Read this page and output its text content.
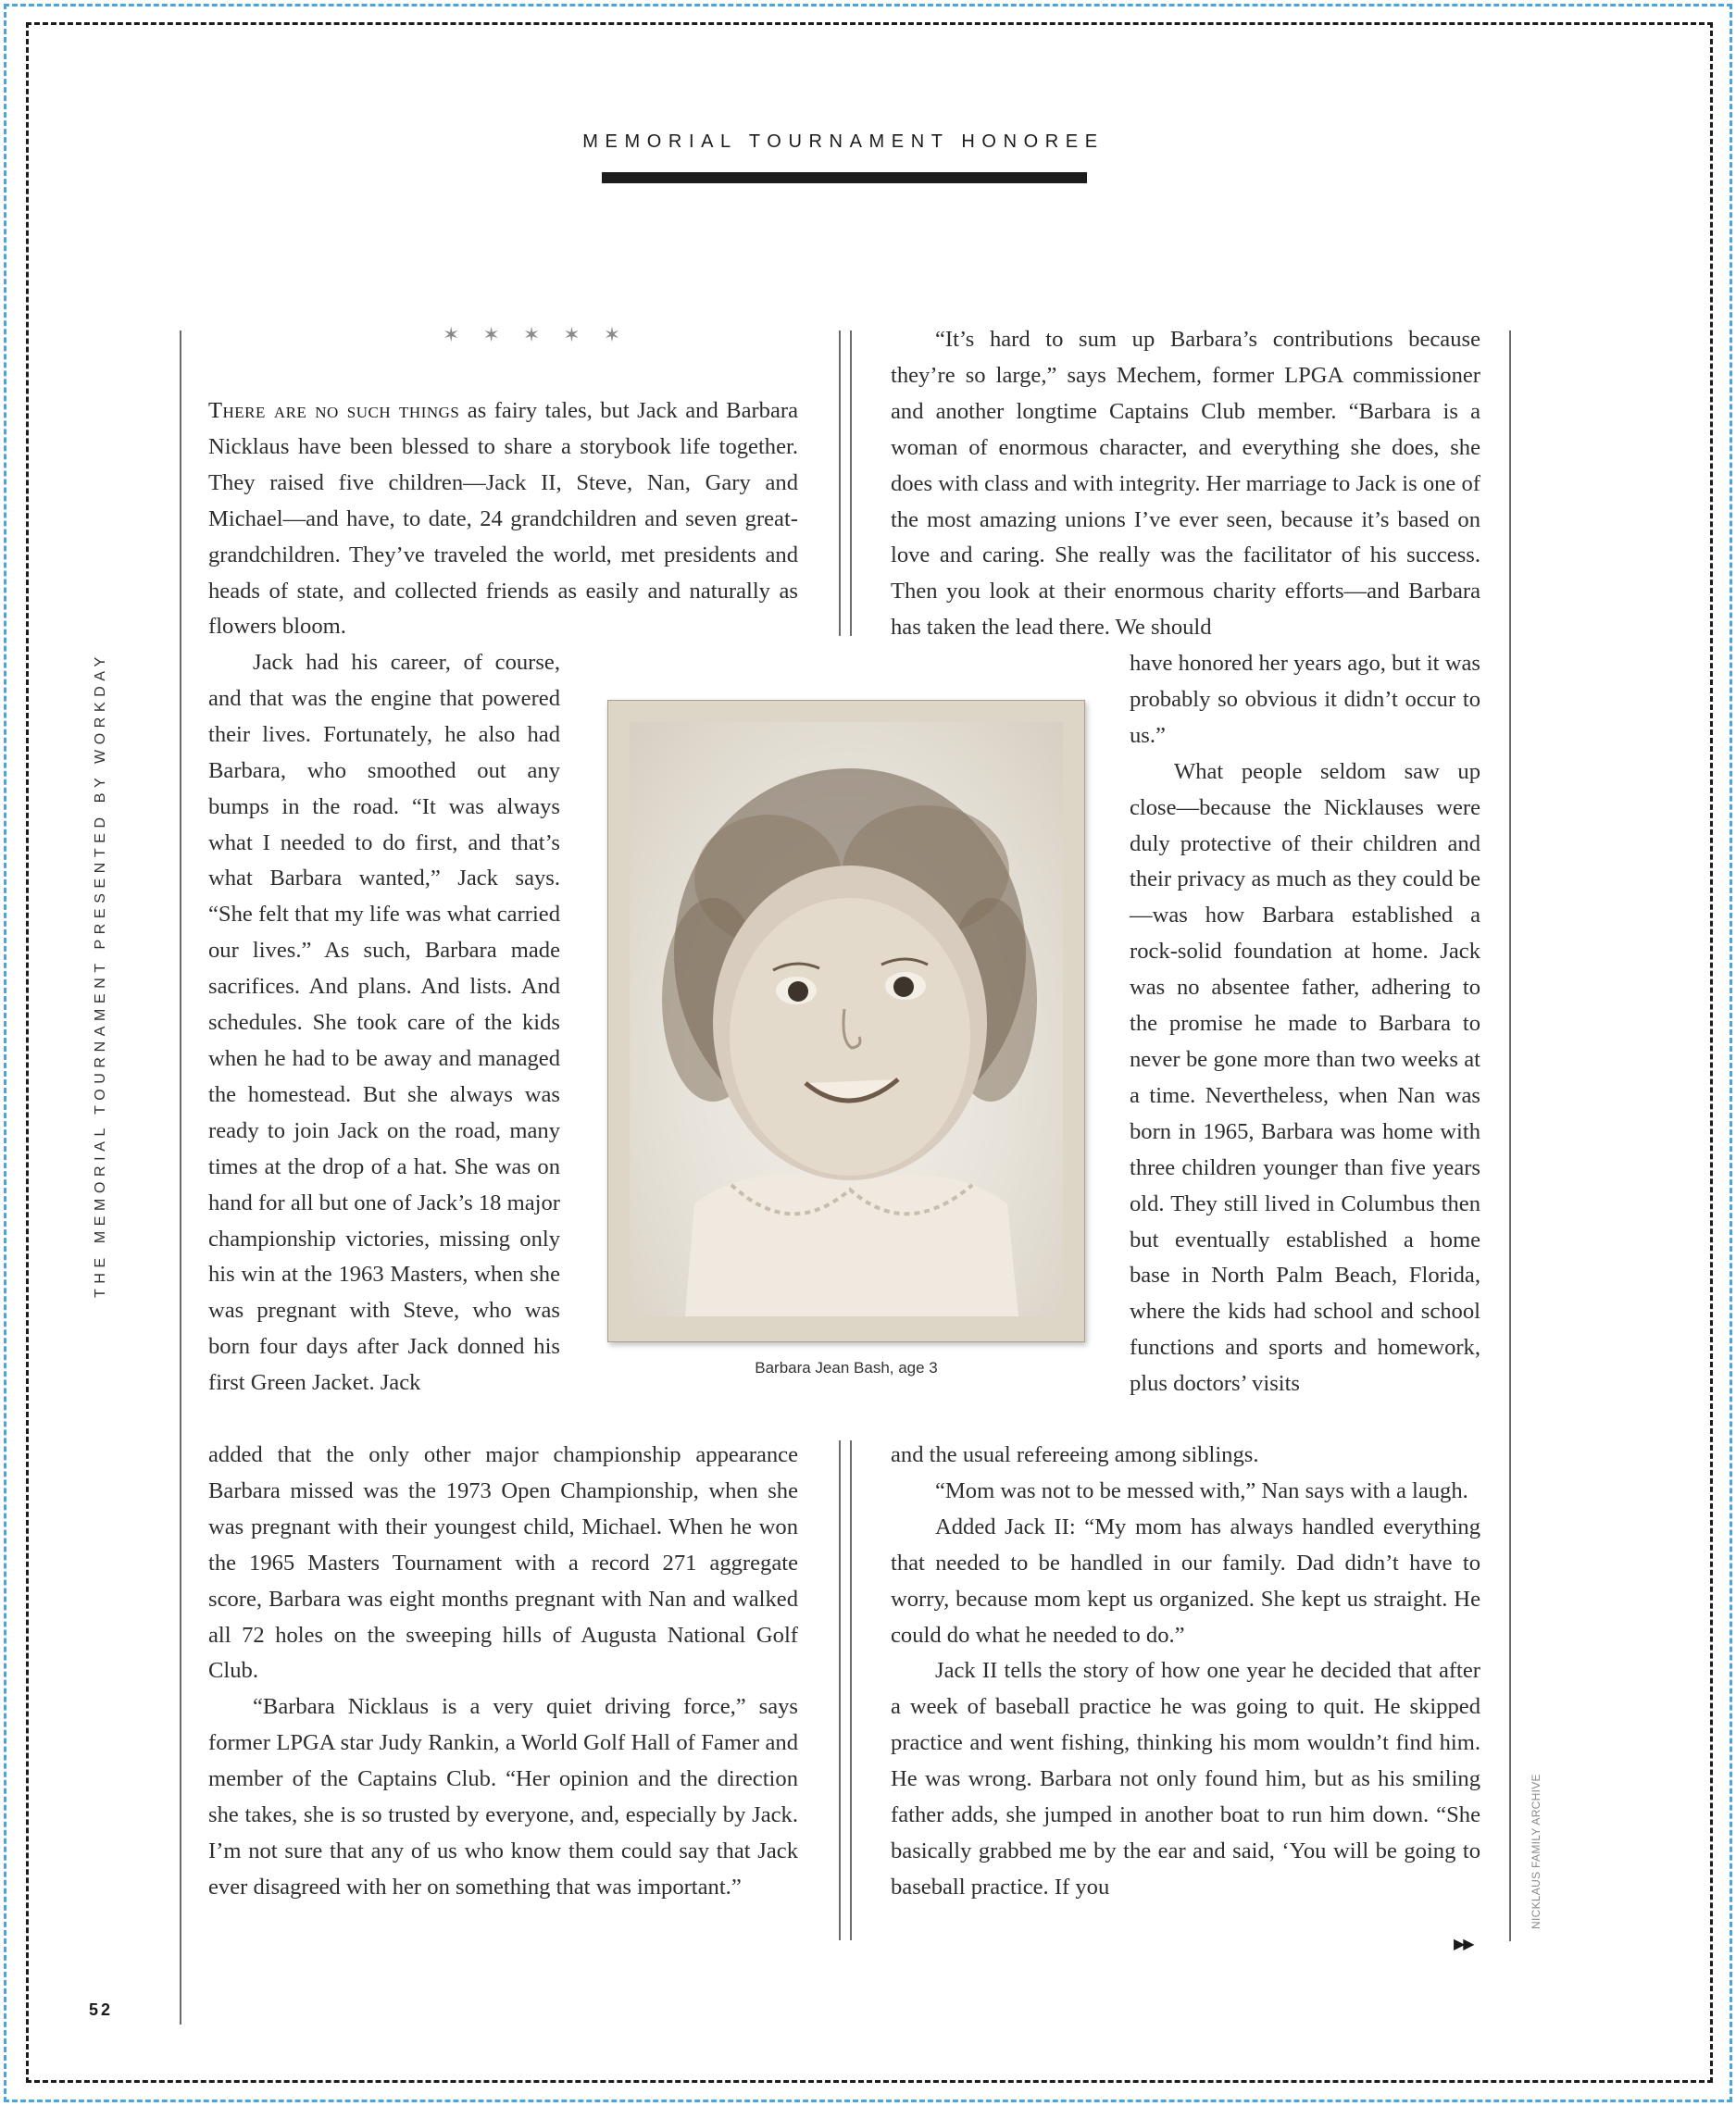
MEMORIAL TOURNAMENT HONOREE
✶ ✶ ✶ ✶ ✶

There are no such things as fairy tales, but Jack and Barbara Nicklaus have been blessed to share a storybook life together. They raised five children—Jack II, Steve, Nan, Gary and Michael—and have, to date, 24 grandchildren and seven great-grandchildren. They’ve traveled the world, met presidents and heads of state, and collected friends as easily and naturally as flowers bloom.

Jack had his career, of course, and that was the engine that powered their lives. Fortunately, he also had Barbara, who smoothed out any bumps in the road. “It was always what I needed to do first, and that’s what Barbara wanted,” Jack says. “She felt that my life was what carried our lives.” As such, Barbara made sacrifices. And plans. And lists. And schedules. She took care of the kids when he had to be away and managed the homestead. But she always was ready to join Jack on the road, many times at the drop of a hat. She was on hand for all but one of Jack’s 18 major championship victories, missing only his win at the 1963 Masters, when she was pregnant with Steve, who was born four days after Jack donned his first Green Jacket. Jack

added that the only other major championship appearance Barbara missed was the 1973 Open Championship, when she was pregnant with their youngest child, Michael. When he won the 1965 Masters Tournament with a record 271 aggregate score, Barbara was eight months pregnant with Nan and walked all 72 holes on the sweeping hills of Augusta National Golf Club.

“Barbara Nicklaus is a very quiet driving force,” says former LPGA star Judy Rankin, a World Golf Hall of Famer and member of the Captains Club. “Her opinion and the direction she takes, she is so trusted by everyone, and, especially by Jack. I’m not sure that any of us who know them could say that Jack ever disagreed with her on something that was important.”

Barbara Jean Bash, age 3

“It’s hard to sum up Barbara’s contributions because they’re so large,” says Mechem, former LPGA commissioner and another longtime Captains Club member. “Barbara is a woman of enormous character, and everything she does, she does with class and with integrity. Her marriage to Jack is one of the most amazing unions I’ve ever seen, because it’s based on love and caring. She really was the facilitator of his success. Then you look at their enormous charity efforts—and Barbara has taken the lead there. We should

have honored her years ago, but it was probably so obvious it didn’t occur to us.”

What people seldom saw up close—because the Nicklauses were duly protective of their children and their privacy as much as they could be—was how Barbara established a rock-solid foundation at home. Jack was no absentee father, adhering to the promise he made to Barbara to never be gone more than two weeks at a time. Nevertheless, when Nan was born in 1965, Barbara was home with three children younger than five years old. They still lived in Columbus then but eventually established a home base in North Palm Beach, Florida, where the kids had school and school functions and sports and homework, plus doctors’ visits

and the usual refereeing among siblings.

“Mom was not to be messed with,” Nan says with a laugh.

Added Jack II: “My mom has always handled everything that needed to be handled in our family. Dad didn’t have to worry, because mom kept us organized. She kept us straight. He could do what he needed to do.”

Jack II tells the story of how one year he decided that after a week of baseball practice he was going to quit. He skipped practice and went fishing, thinking his mom wouldn’t find him. He was wrong. Barbara not only found him, but as his smiling father adds, she jumped in another boat to run him down. “She basically grabbed me by the ear and said, ‘You will be going to baseball practice. If you

▶▶
THE MEMORIAL TOURNAMENT PRESENTED BY WORKDAY
NICKLAUS FAMILY ARCHIVE
52
